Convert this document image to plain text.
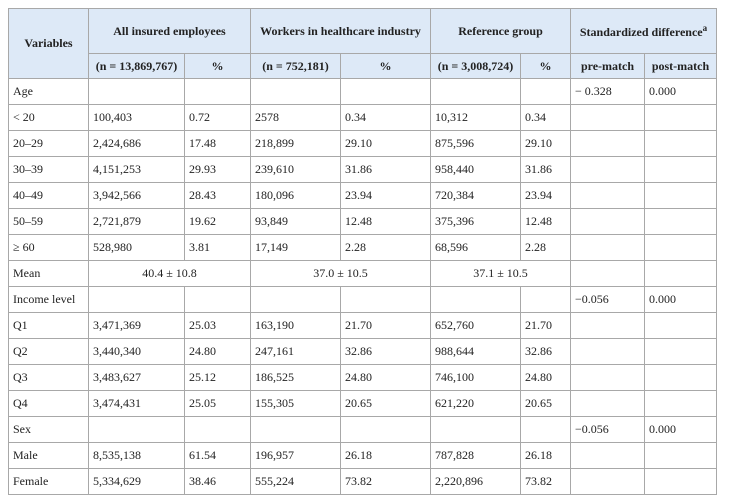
Variables	All insured employees		Workers in healthcare industry		Reference group		Standardized difference$^a$
	(n = 13,869,767)	%	(n = 752,181)	%	(n = 3,008,724)	%	pre-match	post-match
Age							− 0.328	0.000
< 20	100,403	0.72	2578	0.34	10,312	0.34		
20–29	2,424,686	17.48	218,899	29.10	875,596	29.10		
30–39	4,151,253	29.93	239,610	31.86	958,440	31.86		
40–49	3,942,566	28.43	180,096	23.94	720,384	23.94		
50–59	2,721,879	19.62	93,849	12.48	375,396	12.48		
≥ 60	528,980	3.81	17,149	2.28	68,596	2.28		
Mean	40.4 ± 10.8		37.0 ± 10.5		37.1 ± 10.5			
Income level							−0.056	0.000
Q1	3,471,369	25.03	163,190	21.70	652,760	21.70		
Q2	3,440,340	24.80	247,161	32.86	988,644	32.86		
Q3	3,483,627	25.12	186,525	24.80	746,100	24.80		
Q4	3,474,431	25.05	155,305	20.65	621,220	20.65		
Sex							−0.056	0.000
Male	8,535,138	61.54	196,957	26.18	787,828	26.18		
Female	5,334,629	38.46	555,224	73.82	2,220,896	73.82		
